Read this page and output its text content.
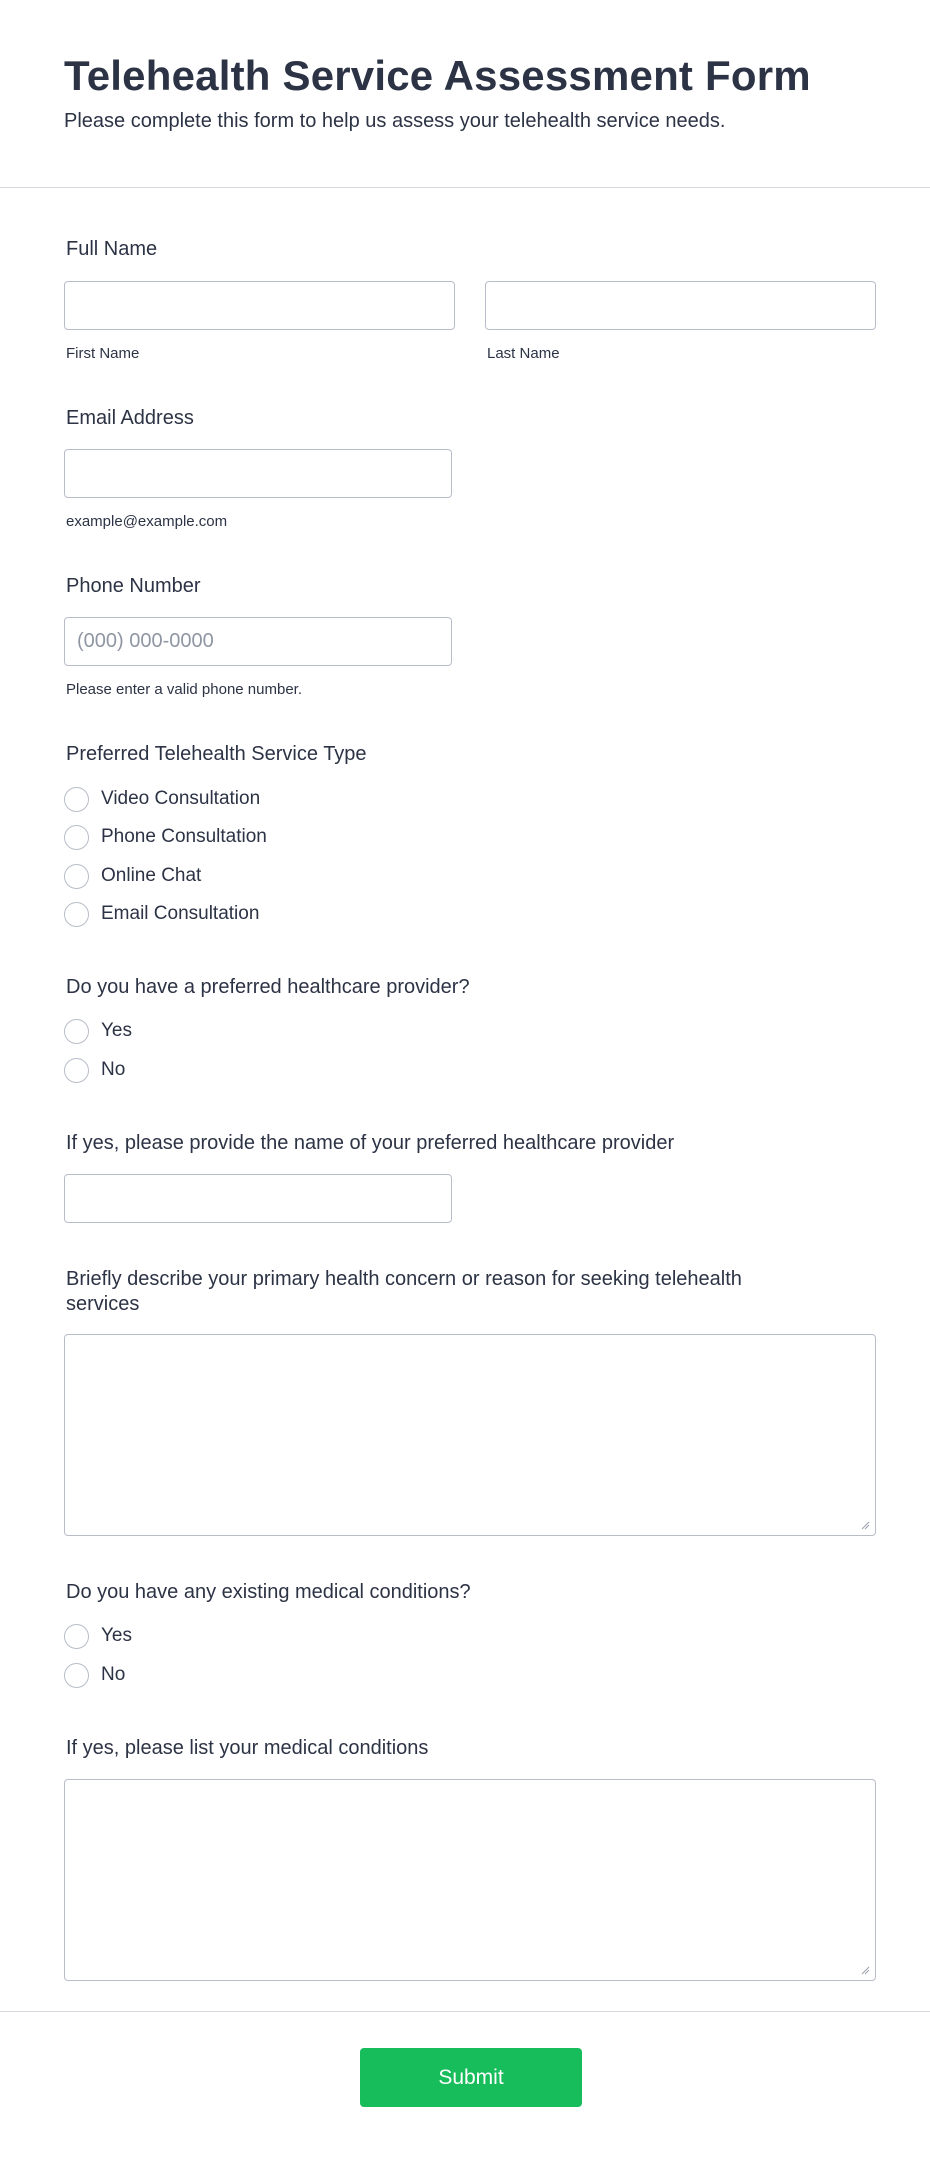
Telehealth Service Assessment Form
Please complete this form to help us assess your telehealth service needs.
Full Name
First Name	Last Name
Email Address
example@example.com
Phone Number
(000) 000-0000
Please enter a valid phone number.
Preferred Telehealth Service Type
Video Consultation
Phone Consultation
Online Chat
Email Consultation
Do you have a preferred healthcare provider?
Yes
No
If yes, please provide the name of your preferred healthcare provider
Briefly describe your primary health concern or reason for seeking telehealth
services
Do you have any existing medical conditions?
Yes
No
If yes, please list your medical conditions
Submit
